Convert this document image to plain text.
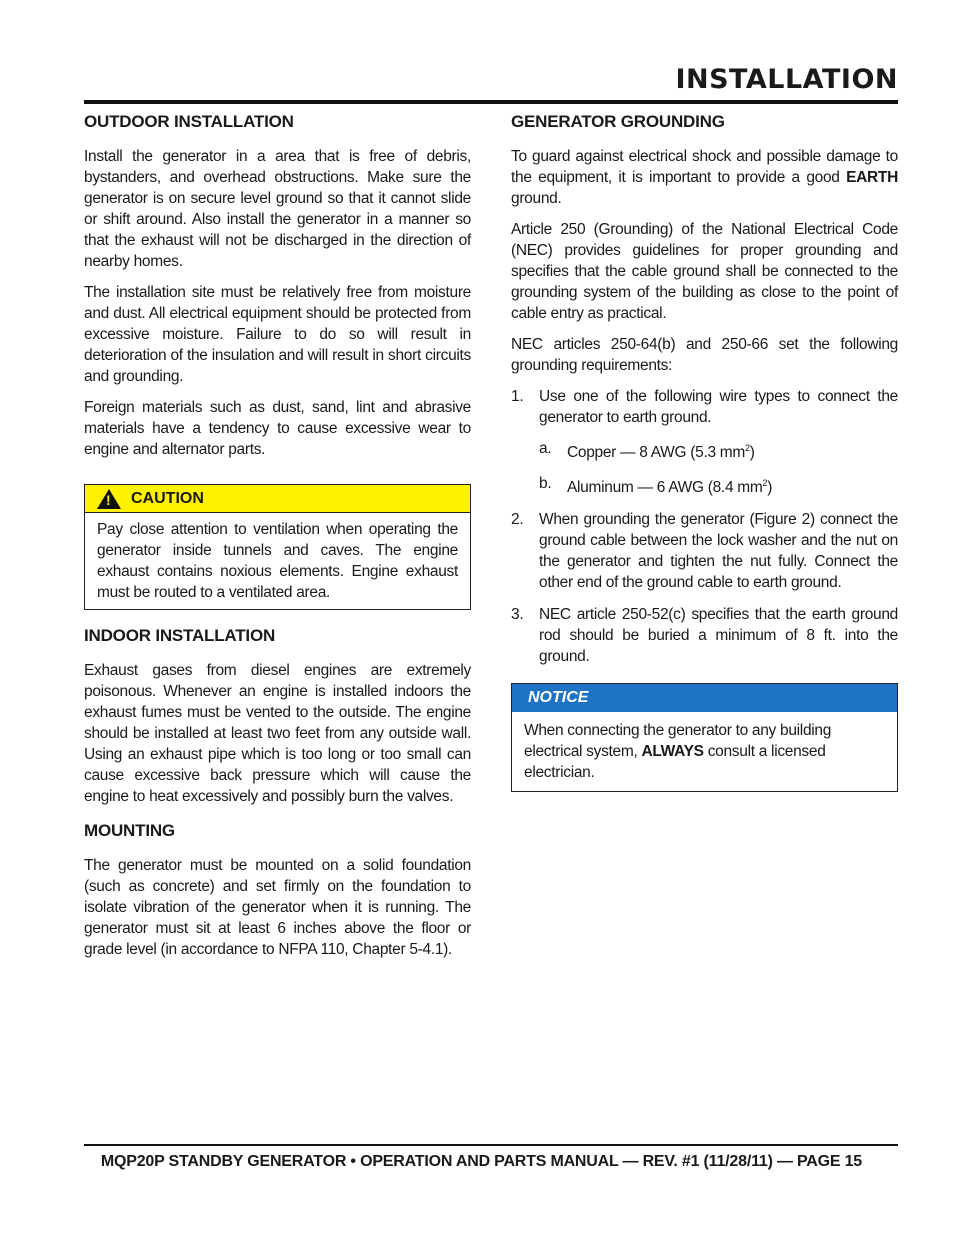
INSTALLATION
OUTDOOR INSTALLATION

Install the generator in a area that is free of debris, bystanders, and overhead obstructions. Make sure the generator is on secure level ground so that it cannot slide or shift around. Also install the generator in a manner so that the exhaust will not be discharged in the direction of nearby homes.

The installation site must be relatively free from moisture and dust. All electrical equipment should be protected from excessive moisture. Failure to do so will result in deterioration of the insulation and will result in short circuits and grounding.

Foreign materials such as dust, sand, lint and abrasive materials have a tendency to cause excessive wear to engine and alternator parts.

!
CAUTION

Pay close attention to ventilation when operating the generator inside tunnels and caves. The engine exhaust contains noxious elements. Engine exhaust must be routed to a ventilated area.

INDOOR INSTALLATION

Exhaust gases from diesel engines are extremely poisonous. Whenever an engine is installed indoors the exhaust fumes must be vented to the outside. The engine should be installed at least two feet from any outside wall. Using an exhaust pipe which is too long or too small can cause excessive back pressure which will cause the engine to heat excessively and possibly burn the valves.

MOUNTING

The generator must be mounted on a solid foundation (such as concrete) and set firmly on the foundation to isolate vibration of the generator when it is running. The generator must sit at least 6 inches above the floor or grade level (in accordance to NFPA 110, Chapter 5-4.1).

GENERATOR GROUNDING

To guard against electrical shock and possible damage to the equipment, it is important to provide a good EARTH ground.

Article 250 (Grounding) of the National Electrical Code (NEC) provides guidelines for proper grounding and specifies that the cable ground shall be connected to the grounding system of the building as close to the point of cable entry as practical.

NEC articles 250-64(b) and 250-66 set the following grounding requirements:

1.	Use one of the following wire types to connect the generator to earth ground.
a.	Copper — 8 AWG (5.3 $mm^2$)
b.	Aluminum — 6 AWG (8.4 $mm^2$)
2.	When grounding the generator (Figure 2) connect the ground cable between the lock washer and the nut on the generator and tighten the nut fully. Connect the other end of the ground cable to earth ground.
3.	NEC article 250-52(c) specifies that the earth ground rod should be buried a minimum of 8 ft. into the ground.
NOTICE

When connecting the generator to any building electrical system, ALWAYS consult a licensed electrician.

MQP20P STANDBY GENERATOR • OPERATION AND PARTS MANUAL — REV. #1 (11/28/11) — PAGE 15
